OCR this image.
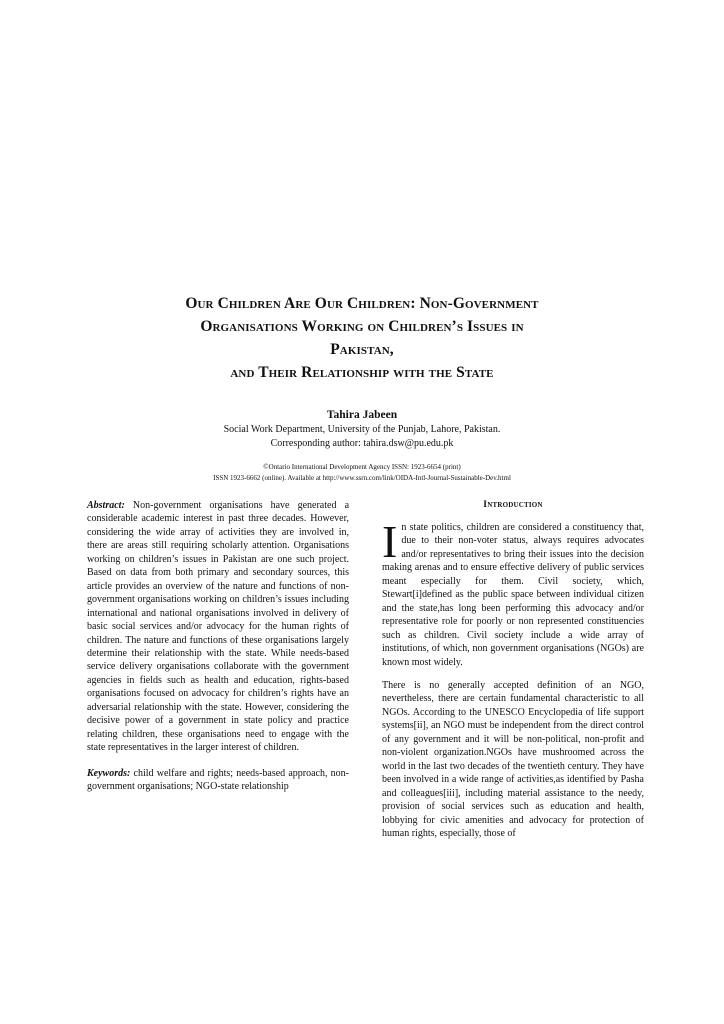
Our Children Are Our Children: Non-Government
Organisations Working on Children’s Issues in
Pakistan,
and Their Relationship with the State
Tahira Jabeen
Social Work Department, University of the Punjab, Lahore, Pakistan.
Corresponding author: tahira.dsw@pu.edu.pk
©Ontario International Development Agency ISSN: 1923-6654 (print)
ISSN 1923-6662 (online). Available at http://www.ssrn.com/link/OIDA-Intl-Journal-Sustainable-Dev.html

Abstract: Non-government organisations have generated a considerable academic interest in past three decades. However, considering the wide array of activities they are involved in, there are areas still requiring scholarly attention. Organisations working on children’s issues in Pakistan are one such project. Based on data from both primary and secondary sources, this article provides an overview of the nature and functions of non-government organisations working on children’s issues including international and national organisations involved in delivery of basic social services and/or advocacy for the human rights of children. The nature and functions of these organisations largely determine their relationship with the state. While needs-based service delivery organisations collaborate with the government agencies in fields such as health and education, rights-based organisations focused on advocacy for children’s rights have an adversarial relationship with the state. However, considering the decisive power of a government in state policy and practice relating children, these organisations need to engage with the state representatives in the larger interest of children.

Keywords: child welfare and rights; needs-based approach, non-government organisations; NGO-state relationship

Introduction

I n state politics, children are considered a constituency that, due to their non-voter status, always requires advocates and/or representatives to bring their issues into the decision making arenas and to ensure effective delivery of public services meant especially for them. Civil society, which, Stewart[i]defined as the public space between individual citizen and the state,has long been performing this advocacy and/or representative role for poorly or non represented constituencies such as children. Civil society include a wide array of institutions, of which, non government organisations (NGOs) are known most widely.

There is no generally accepted definition of an NGO, nevertheless, there are certain fundamental characteristic to all NGOs. According to the UNESCO Encyclopedia of life support systems[ii], an NGO must be independent from the direct control of any government and it will be non-political, non-profit and non-violent organization.NGOs have mushroomed across the world in the last two decades of the twentieth century. They have been involved in a wide range of activities,as identified by Pasha and colleagues[iii], including material assistance to the needy, provision of social services such as education and health, lobbying for civic amenities and advocacy for protection of human rights, especially, those of
